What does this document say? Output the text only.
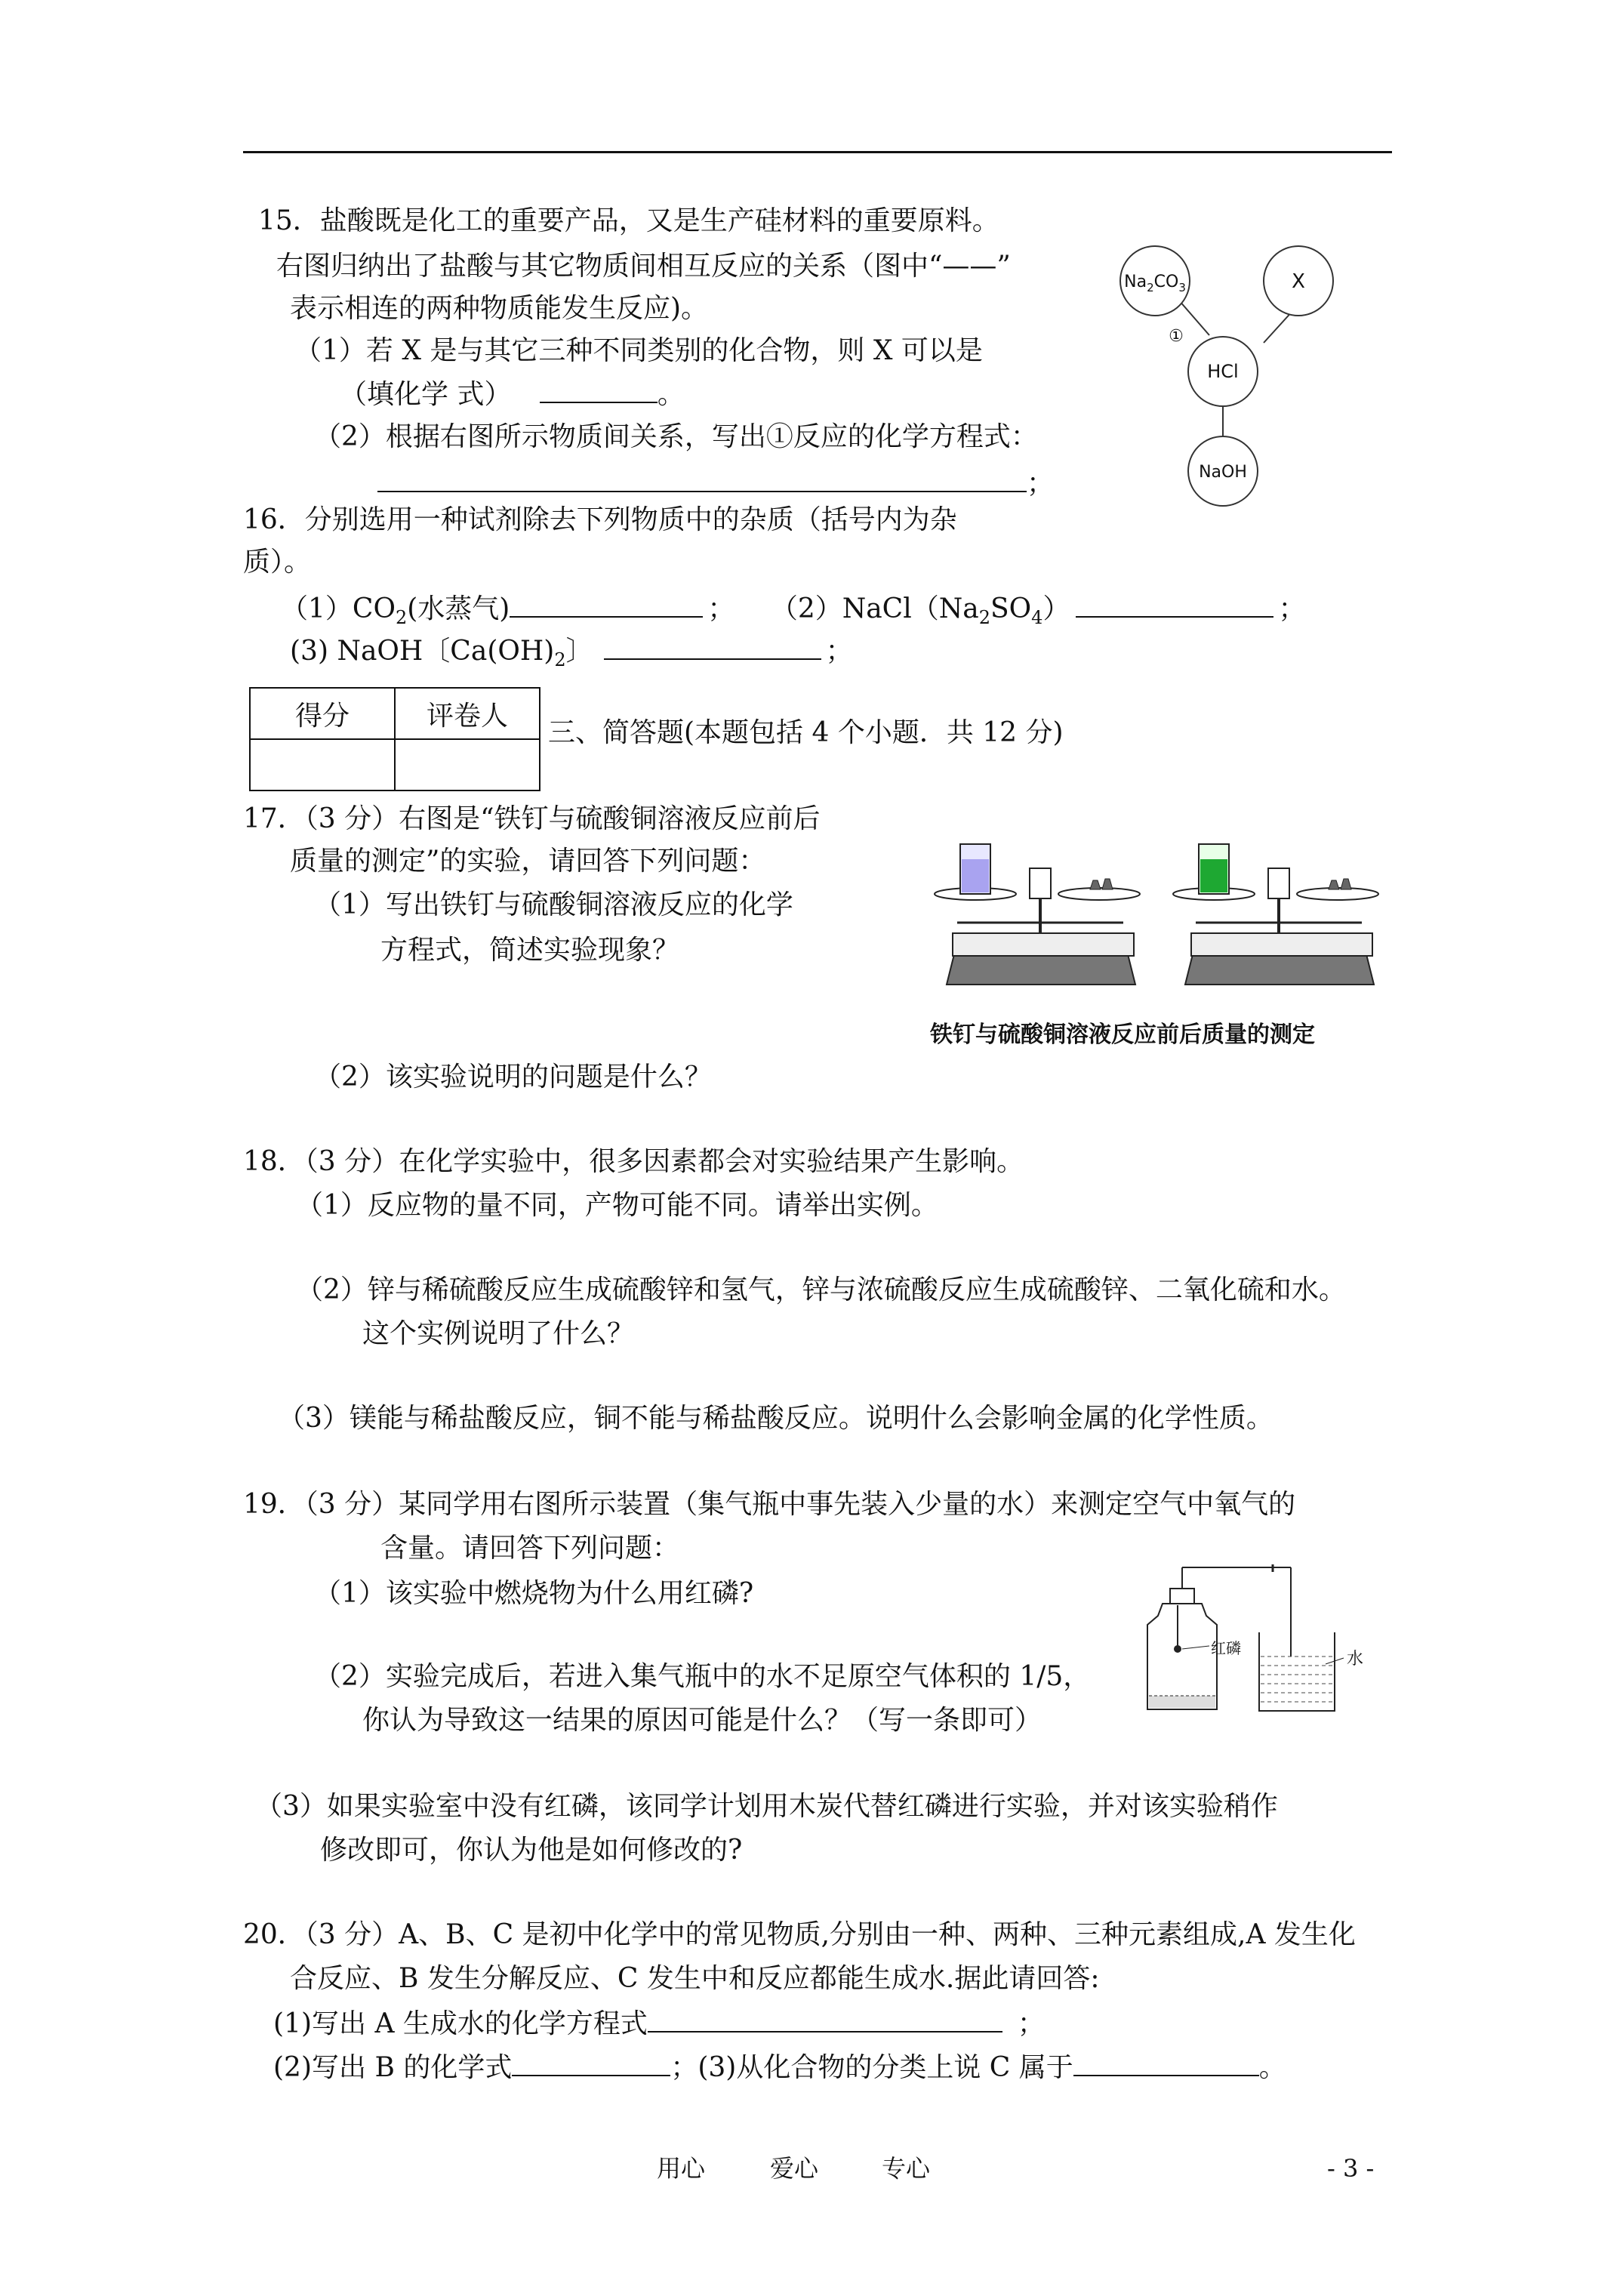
15．盐酸既是化工的重要产品，又是生产硅材料的重要原料。
右图归纳出了盐酸与其它物质间相互反应的关系（图中“——”
表示相连的两种物质能发生反应)。
（1）若 X 是与其它三种不同类别的化合物，则 X 可以是
（填化学 式）	。
（2）根据右图所示物质间关系，写出①反应的化学方程式：
；
$Na_2CO_3$	X
HCl
NaOH
①
16．分别选用一种试剂除去下列物质中的杂质（括号内为杂
质）。
$(1)CO_2$(水蒸气)	； $(2)NaCl(Na_2SO_4)$	；
(3) NaOH〔$Ca(OH)_2$〕	；
得分	评卷人

三、简答题(本题包括 4 个小题．共 12 分)
17．（3 分）右图是“铁钉与硫酸铜溶液反应前后
质量的测定”的实验，请回答下列问题：
（1）写出铁钉与硫酸铜溶液反应的化学
方程式，简述实验现象？
（2）该实验说明的问题是什么？
铁钉与硫酸铜溶液反应前后质量的测定
18．（3 分）在化学实验中，很多因素都会对实验结果产生影响。
（1）反应物的量不同，产物可能不同。请举出实例。
（2）锌与稀硫酸反应生成硫酸锌和氢气，锌与浓硫酸反应生成硫酸锌、二氧化硫和水。
这个实例说明了什么？
（3）镁能与稀盐酸反应，铜不能与稀盐酸反应。说明什么会影响金属的化学性质。
19．（3 分）某同学用右图所示装置（集气瓶中事先装入少量的水）来测定空气中氧气的
含量。请回答下列问题：
（1）该实验中燃烧物为什么用红磷?
（2）实验完成后，若进入集气瓶中的水不足原空气体积的 1/5，
你认为导致这一结果的原因可能是什么？（写一条即可）
红磷
水
（3）如果实验室中没有红磷，该同学计划用木炭代替红磷进行实验，并对该实验稍作
修改即可，你认为他是如何修改的?
20．（3 分）A、B、C 是初中化学中的常见物质,分别由一种、两种、三种元素组成,A 发生化
合反应、B 发生分解反应、C 发生中和反应都能生成水.据此请回答:
(1)写出 A 生成水的化学方程式	；
(2)写出 B 的化学式	；(3)从化合物的分类上说 C 属于	。
用心	爱心	专心	- 3 -
